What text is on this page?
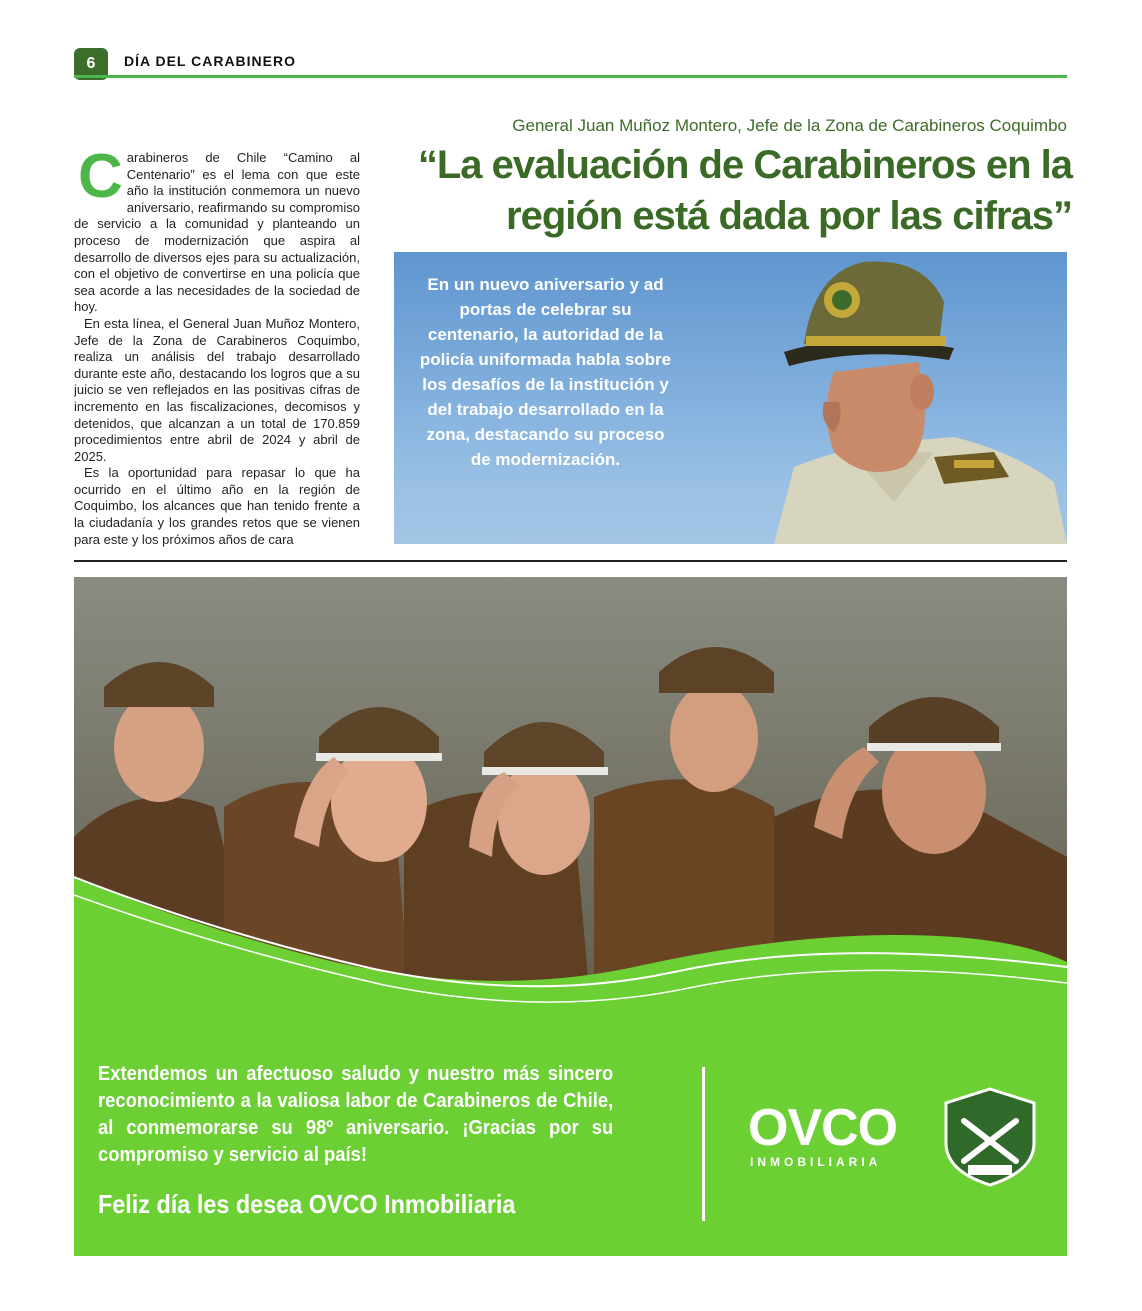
6	DÍA DEL CARABINERO
General Juan Muñoz Montero, Jefe de la Zona de Carabineros Coquimbo
“La evaluación de Carabineros en la región está dada por las cifras”

Carabineros de Chile “Camino al Centenario” es el lema con que este año la institución conmemora un nuevo aniversario, reafirmando su compromiso de servicio a la comunidad y planteando un proceso de modernización que aspira al desarrollo de diversos ejes para su actualización, con el objetivo de convertirse en una policía que sea acorde a las necesidades de la sociedad de hoy.

En esta línea, el General Juan Muñoz Montero, Jefe de la Zona de Carabineros Coquimbo, realiza un análisis del trabajo desarrollado durante este año, destacando los logros que a su juicio se ven reflejados en las positivas cifras de incremento en las fiscalizaciones, decomisos y detenidos, que alcanzan a un total de 170.859 procedimientos entre abril de 2024 y abril de 2025.

Es la oportunidad para repasar lo que ha ocurrido en el último año en la región de Coquimbo, los alcances que han tenido frente a la ciudadanía y los grandes retos que se vienen para este y los próximos años de cara

En un nuevo aniversario y ad portas de celebrar su centenario, la autoridad de la policía uniformada habla sobre los desafíos de la institución y del trabajo desarrollado en la zona, destacando su proceso de modernización.
Extendemos un afectuoso saludo y nuestro más sincero reconocimiento a la valiosa labor de Carabineros de Chile, al conmemorarse su 98º aniversario. ¡Gracias por su compromiso y servicio al país!
Feliz día les desea OVCO Inmobiliaria
OVCO
INMOBILIARIA
